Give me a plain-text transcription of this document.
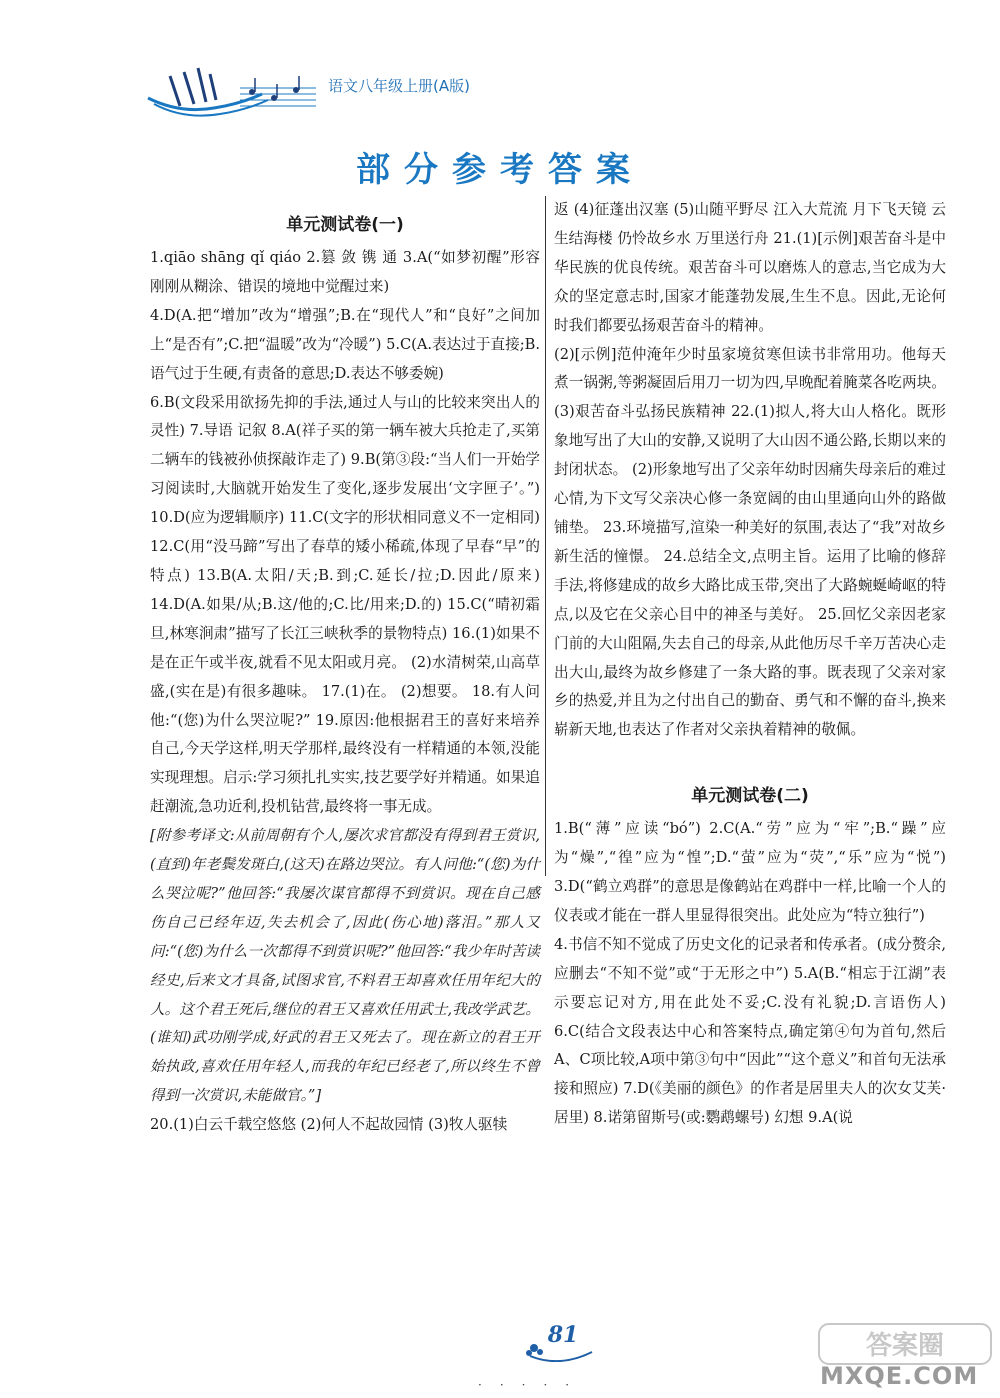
语文八年级上册(A版)
部分参考答案
单元测试卷(一)

1.qiāo shāng qǐ qiáo 2.篡 敛 镌 通 3.A(“如梦初醒”形容刚刚从糊涂、错误的境地中觉醒过来)

4.D(A.把“增加”改为“增强”;B.在“现代人”和“良好”之间加上“是否有”;C.把“温暖”改为“冷暖”) 5.C(A.表达过于直接;B.语气过于生硬,有责备的意思;D.表达不够委婉)

6.B(文段采用欲扬先抑的手法,通过人与山的比较来突出人的灵性) 7.导语 记叙 8.A(祥子买的第一辆车被大兵抢走了,买第二辆车的钱被孙侦探敲诈走了) 9.B(第③段:“当人们一开始学习阅读时,大脑就开始发生了变化,逐步发展出‘文字匣子’。”) 10.D(应为逻辑顺序) 11.C(文字的形状相同意义不一定相同) 12.C(用“没马蹄”写出了春草的矮小稀疏,体现了早春“早”的特点) 13.B(A.太阳/天;B.到;C.延长/拉;D.因此/原来) 14.D(A.如果/从;B.这/他的;C.比/用来;D.的) 15.C(“晴初霜旦,林寒涧肃”描写了长江三峡秋季的景物特点) 16.(1)如果不是在正午或半夜,就看不见太阳或月亮。 (2)水清树荣,山高草盛,(实在是)有很多趣味。 17.(1)在。 (2)想要。 18.有人问他:“(您)为什么哭泣呢?” 19.原因:他根据君王的喜好来培养自己,今天学这样,明天学那样,最终没有一样精通的本领,没能实现理想。启示:学习须扎扎实实,技艺要学好并精通。如果追赶潮流,急功近利,投机钻营,最终将一事无成。

[附参考译文:从前周朝有个人,屡次求官都没有得到君王赏识,(直到)年老鬓发斑白,(这天)在路边哭泣。有人问他:“(您)为什么哭泣呢?”他回答:“我屡次谋官都得不到赏识。现在自己感伤自己已经年迈,失去机会了,因此(伤心地)落泪。”那人又问:“(您)为什么一次都得不到赏识呢?”他回答:“我少年时苦读经史,后来文才具备,试图求官,不料君王却喜欢任用年纪大的人。这个君王死后,继位的君王又喜欢任用武士,我改学武艺。(谁知)武功刚学成,好武的君王又死去了。现在新立的君王开始执政,喜欢任用年轻人,而我的年纪已经老了,所以终生不曾得到一次赏识,未能做官。”]

20.(1)白云千载空悠悠 (2)何人不起故园情 (3)牧人驱犊

返 (4)征蓬出汉塞 (5)山随平野尽 江入大荒流 月下飞天镜 云生结海楼 仍怜故乡水 万里送行舟 21.(1)[示例]艰苦奋斗是中华民族的优良传统。艰苦奋斗可以磨炼人的意志,当它成为大众的坚定意志时,国家才能蓬勃发展,生生不息。因此,无论何时我们都要弘扬艰苦奋斗的精神。

(2)[示例]范仲淹年少时虽家境贫寒但读书非常用功。他每天煮一锅粥,等粥凝固后用刀一切为四,早晚配着腌菜各吃两块。 (3)艰苦奋斗弘扬民族精神 22.(1)拟人,将大山人格化。既形象地写出了大山的安静,又说明了大山因不通公路,长期以来的封闭状态。 (2)形象地写出了父亲年幼时因痛失母亲后的难过心情,为下文写父亲决心修一条宽阔的由山里通向山外的路做铺垫。 23.环境描写,渲染一种美好的氛围,表达了“我”对故乡新生活的憧憬。 24.总结全文,点明主旨。运用了比喻的修辞手法,将修建成的故乡大路比成玉带,突出了大路蜿蜒崎岖的特点,以及它在父亲心目中的神圣与美好。 25.回忆父亲因老家门前的大山阻隔,失去自己的母亲,从此他历尽千辛万苦决心走出大山,最终为故乡修建了一条大路的事。既表现了父亲对家乡的热爱,并且为之付出自己的勤奋、勇气和不懈的奋斗,换来崭新天地,也表达了作者对父亲执着精神的敬佩。

单元测试卷(二)

1.B(“薄”应读“bó”) 2.C(A.“劳”应为“牢”;B.“躁”应为“燥”,“徨”应为“惶”;D.“萤”应为“荧”,“乐”应为“悦”) 3.D(“鹤立鸡群”的意思是像鹤站在鸡群中一样,比喻一个人的仪表或才能在一群人里显得很突出。此处应为“特立独行”)

4.书信不知不觉成了历史文化的记录者和传承者。(成分赘余,应删去“不知不觉”或“于无形之中”) 5.A(B.“相忘于江湖”表示要忘记对方,用在此处不妥;C.没有礼貌;D.言语伤人) 6.C(结合文段表达中心和答案特点,确定第④句为首句,然后A、C项比较,A项中第③句中“因此”“这个意义”和首句无法承接和照应) 7.D(《美丽的颜色》的作者是居里夫人的次女艾芙·居里) 8.诺第留斯号(或:鹦鹉螺号) 幻想 9.A(说

81	答案圈
MXQE.COM
·····
